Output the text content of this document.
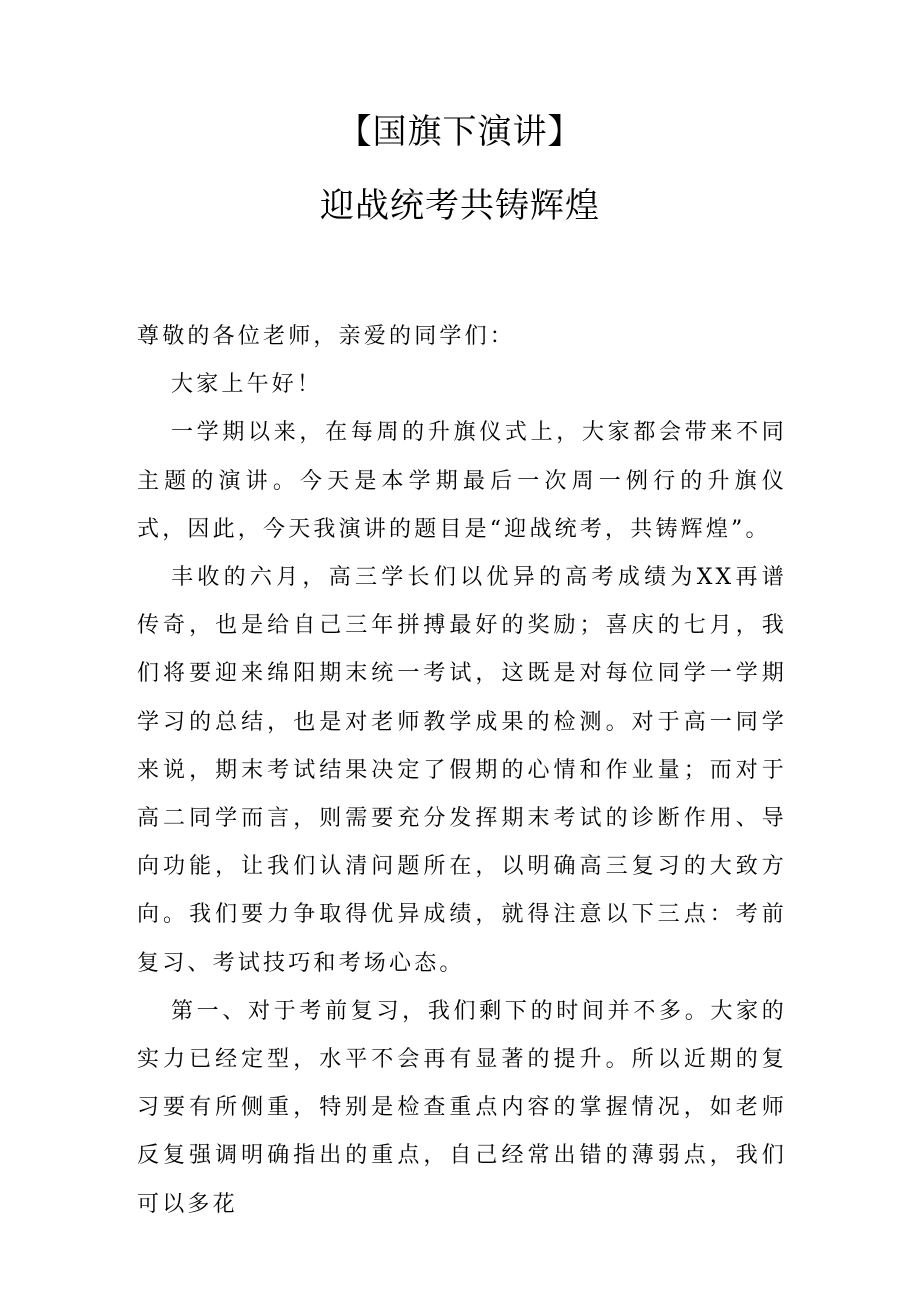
【国旗下演讲】
迎战统考共铸辉煌

尊敬的各位老师，亲爱的同学们：

大家上午好！

一学期以来，在每周的升旗仪式上，大家都会带来不同主题的演讲。今天是本学期最后一次周一例行的升旗仪式，因此，今天我演讲的题目是“迎战统考，共铸辉煌”。

丰收的六月，高三学长们以优异的高考成绩为XX再谱传奇，也是给自己三年拼搏最好的奖励；喜庆的七月，我们将要迎来绵阳期末统一考试，这既是对每位同学一学期学习的总结，也是对老师教学成果的检测。对于高一同学来说，期末考试结果决定了假期的心情和作业量；而对于高二同学而言，则需要充分发挥期末考试的诊断作用、导向功能，让我们认清问题所在，以明确高三复习的大致方向。我们要力争取得优异成绩，就得注意以下三点：考前复习、考试技巧和考场心态。

第一、对于考前复习，我们剩下的时间并不多。大家的实力已经定型，水平不会再有显著的提升。所以近期的复习要有所侧重，特别是检查重点内容的掌握情况，如老师反复强调明确指出的重点，自己经常出错的薄弱点，我们可以多花
